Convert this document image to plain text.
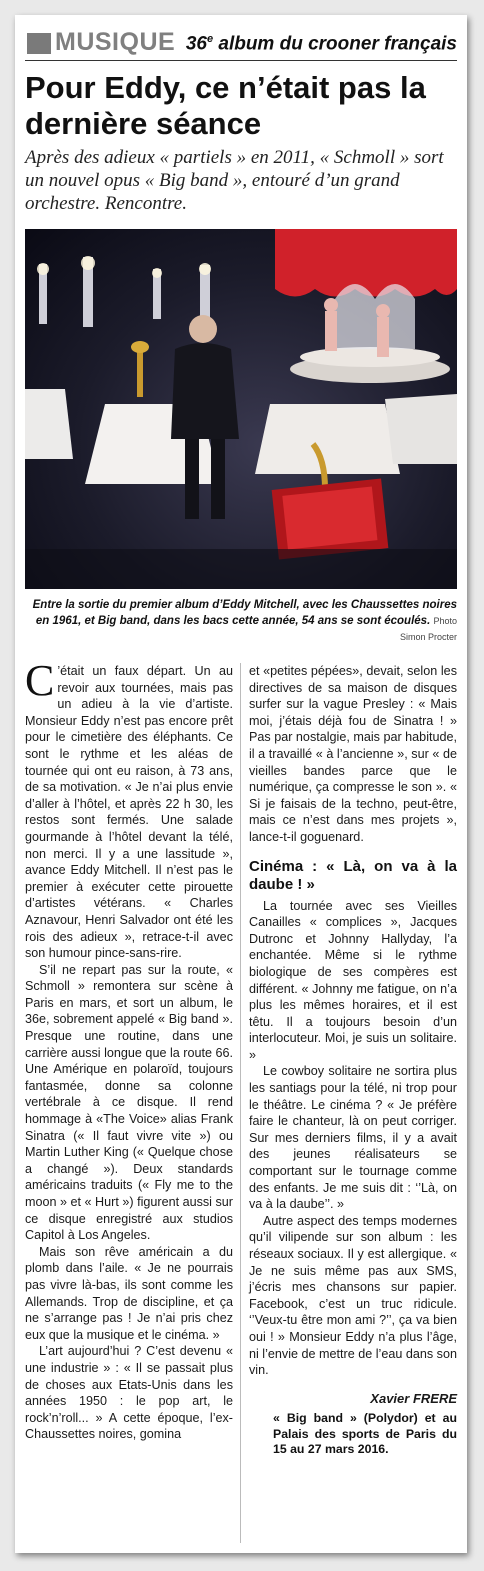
MUSIQUE 36e album du crooner français
Pour Eddy, ce n’était pas la dernière séance

Après des adieux « partiels » en 2011, « Schmoll » sort un nouvel opus « Big band », entouré d’un grand orchestre. Rencontre.

Entre la sortie du premier album d’Eddy Mitchell, avec les Chaussettes noires en 1961, et Big band, dans les bacs cette année, 54 ans se sont écoulés. Photo Simon Procter

C ’était un faux départ. Un au revoir aux tournées, mais pas un adieu à la vie d’artiste. Monsieur Eddy n’est pas encore prêt pour le cimetière des éléphants. Ce sont le rythme et les aléas de tournée qui ont eu raison, à 73 ans, de sa motivation. « Je n’ai plus envie d’aller à l’hôtel, et après 22 h 30, les restos sont fermés. Une salade gourmande à l’hôtel devant la télé, non merci. Il y a une lassitude », avance Eddy Mitchell. Il n’est pas le premier à exécuter cette pirouette d’artistes vétérans. « Charles Aznavour, Henri Salvador ont été les rois des adieux », retrace-t-il avec son humour pince-sans-rire.

S’il ne repart pas sur la route, « Schmoll » remontera sur scène à Paris en mars, et sort un album, le 36e, sobrement appelé « Big band ». Presque une routine, dans une carrière aussi longue que la route 66. Une Amérique en polaroïd, toujours fantasmée, donne sa colonne vertébrale à ce disque. Il rend hommage à «The Voice» alias Frank Sinatra (« Il faut vivre vite ») ou Martin Luther King (« Quelque chose a changé »). Deux standards américains traduits (« Fly me to the moon » et « Hurt ») figurent aussi sur ce disque enregistré aux studios Capitol à Los Angeles.

Mais son rêve américain a du plomb dans l’aile. « Je ne pourrais pas vivre là-bas, ils sont comme les Allemands. Trop de discipline, et ça ne s’arrange pas ! Je n’ai pris chez eux que la musique et le cinéma. »

L’art aujourd’hui ? C’est devenu « une industrie » : « Il se passait plus de choses aux Etats-Unis dans les années 1950 : le pop art, le rock’n’roll... » A cette époque, l’ex-Chaussettes noires, gomina

et «petites pépées», devait, selon les directives de sa maison de disques surfer sur la vague Presley : « Mais moi, j’étais déjà fou de Sinatra ! » Pas par nostalgie, mais par habitude, il a travaillé « à l’ancienne », sur « de vieilles bandes parce que le numérique, ça compresse le son ». « Si je faisais de la techno, peut-être, mais ce n’est dans mes projets », lance-t-il goguenard.

Cinéma : « Là, on va à la daube ! »

La tournée avec ses Vieilles Canailles « complices », Jacques Dutronc et Johnny Hallyday, l’a enchantée. Même si le rythme biologique de ses compères est différent. « Johnny me fatigue, on n’a plus les mêmes horaires, et il est têtu. Il a toujours besoin d’un interlocuteur. Moi, je suis un solitaire. »

Le cowboy solitaire ne sortira plus les santiags pour la télé, ni trop pour le théâtre. Le cinéma ? « Je préfère faire le chanteur, là on peut corriger. Sur mes derniers films, il y a avait des jeunes réalisateurs se comportant sur le tournage comme des enfants. Je me suis dit : ‘’Là, on va à la daube’’. »

Autre aspect des temps modernes qu’il vilipende sur son album : les réseaux sociaux. Il y est allergique. « Je ne suis même pas aux SMS, j’écris mes chansons sur papier. Facebook, c’est un truc ridicule. ‘’Veux-tu être mon ami ?’’, ça va bien oui ! » Monsieur Eddy n’a plus l’âge, ni l’envie de mettre de l’eau dans son vin.

Xavier FRERE
« Big band » (Polydor) et au Palais des sports de Paris du 15 au 27 mars 2016.
